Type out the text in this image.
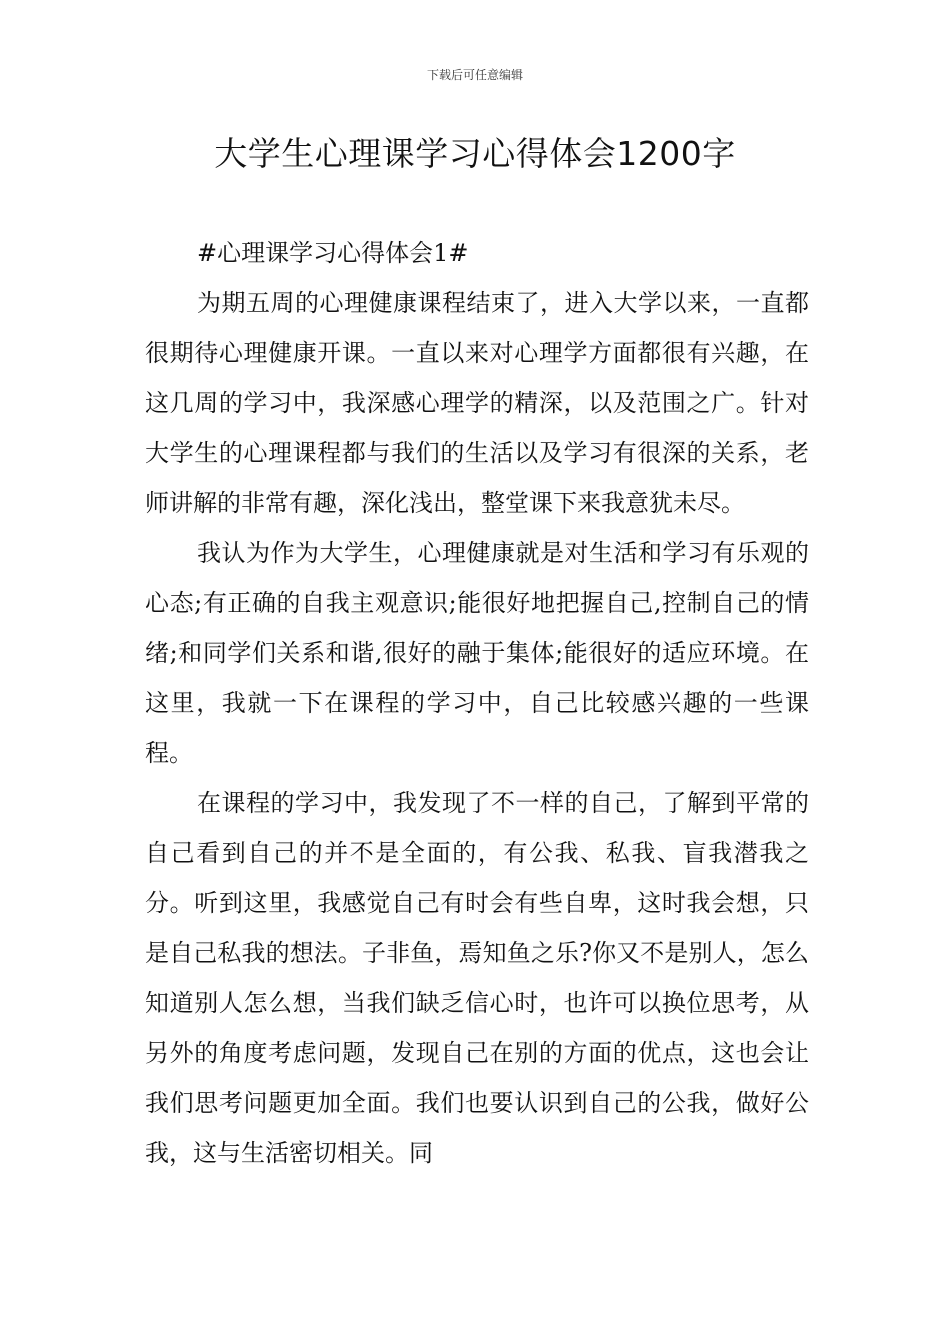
下载后可任意编辑
大学生心理课学习心得体会1200字

#心理课学习心得体会1#

为期五周的心理健康课程结束了，进入大学以来，一直都很期待心理健康开课。一直以来对心理学方面都很有兴趣，在这几周的学习中，我深感心理学的精深，以及范围之广。针对大学生的心理课程都与我们的生活以及学习有很深的关系，老师讲解的非常有趣，深化浅出，整堂课下来我意犹未尽。

我认为作为大学生，心理健康就是对生活和学习有乐观的心态;有正确的自我主观意识;能很好地把握自己,控制自己的情绪;和同学们关系和谐,很好的融于集体;能很好的适应环境。在这里，我就一下在课程的学习中，自己比较感兴趣的一些课程。

在课程的学习中，我发现了不一样的自己，了解到平常的自己看到自己的并不是全面的，有公我、私我、盲我潜我之分。听到这里，我感觉自己有时会有些自卑，这时我会想，只是自己私我的想法。子非鱼，焉知鱼之乐?你又不是别人，怎么知道别人怎么想，当我们缺乏信心时，也许可以换位思考，从另外的角度考虑问题，发现自己在别的方面的优点，这也会让我们思考问题更加全面。我们也要认识到自己的公我，做好公我，这与生活密切相关。同
